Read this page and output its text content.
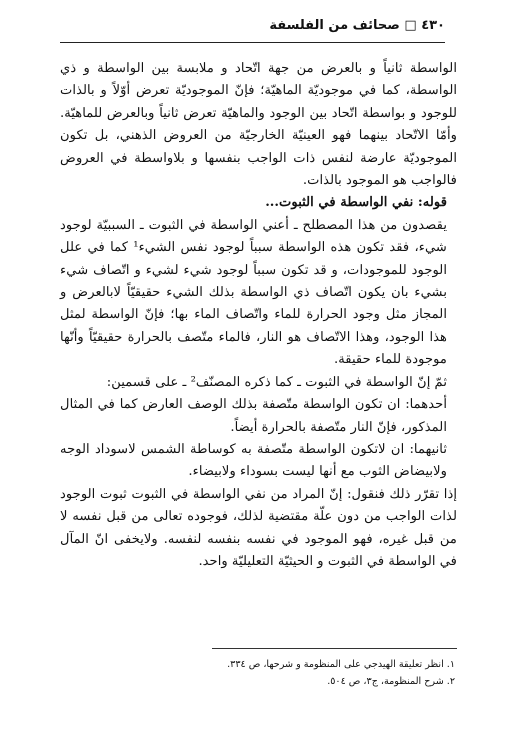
٤٣٠ □ صحائف من الفلسفة

الواسطة ثانياً و بالعرض من جهة اتّحاد و ملابسة بين الواسطة و ذي الواسطة، كما في موجوديّة الماهيّة؛ فإنّ الموجوديّة تعرض أوّلاً و بالذات للوجود و بواسطة اتّحاد بين الوجود والماهيّة تعرض ثانياً وبالعرض للماهيّة. وأمّا الاتّحاد بينهما فهو العينيّة الخارجيّة من العروض الذهني، بل تكون الموجوديّة عارضة لنفس ذات الواجب بنفسها و بلاواسطة في العروض فالواجب هو الموجود بالذات.

قوله: نفي الواسطة في الثبوت...

يقصدون من هذا المصطلح ـ أعني الواسطة في الثبوت ـ السببيّة لوجود شيء، فقد تكون هذه الواسطة سبباً لوجود نفس الشيء¹ كما في علل الوجود للموجودات، و قد تكون سبباً لوجود شيء لشيء و اتّصاف شيء بشيء بان يكون اتّصاف ذي الواسطة بذلك الشيء حقيقيّاً لابالعرض و المجاز مثل وجود الحرارة للماء واتّصاف الماء بها؛ فإنّ الواسطة لمثل هذا الوجود، وهذا الاتّصاف هو النار، فالماء متّصف بالحرارة حقيقيّاً وأنّها موجودة للماء حقيقة.

ثمّ إنّ الواسطة في الثبوت ـ كما ذكره المصنّف² ـ على قسمين:

أحدهما: ان تكون الواسطة متّصفة بذلك الوصف العارض كما في المثال المذكور، فإنّ النار متّصفة بالحرارة أيضاً.

ثانيهما: ان لاتكون الواسطة متّصفة به كوساطة الشمس لاسوداد الوجه ولابيضاض الثوب مع أنها ليست بسوداء ولابيضاء.

إذا تقرّر ذلك فنقول: إنّ المراد من نفي الواسطة في الثبوت ثبوت الوجود لذات الواجب من دون علّة مقتضية لذلك، فوجوده تعالى من قبل نفسه لا من قبل غيره، فهو الموجود في نفسه بنفسه لنفسه. ولايخفى انّ المآل في الواسطة في الثبوت و الحيثيّة التعليليّة واحد.

١. انظر تعليقة الهيدجي على المنظومة و شرحها، ص ٣٣٤.

٢. شرح المنظومة، ج٣، ص ٥٠٤.
